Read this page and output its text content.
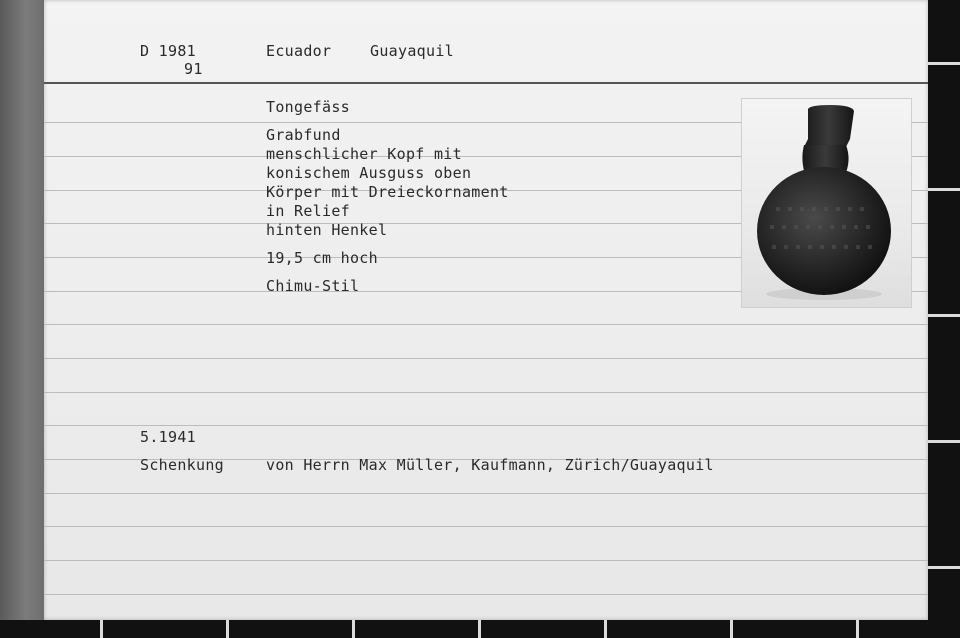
D 1981
91
Ecuador	Guayaquil
Tongefäss
Grabfund
menschlicher Kopf mit
konischem Ausguss oben
Körper mit Dreieckornament
in Relief
hinten Henkel
19,5 cm hoch
Chimu-Stil
5.1941
Schenkung	von Herrn Max Müller, Kaufmann, Zürich/Guayaquil
